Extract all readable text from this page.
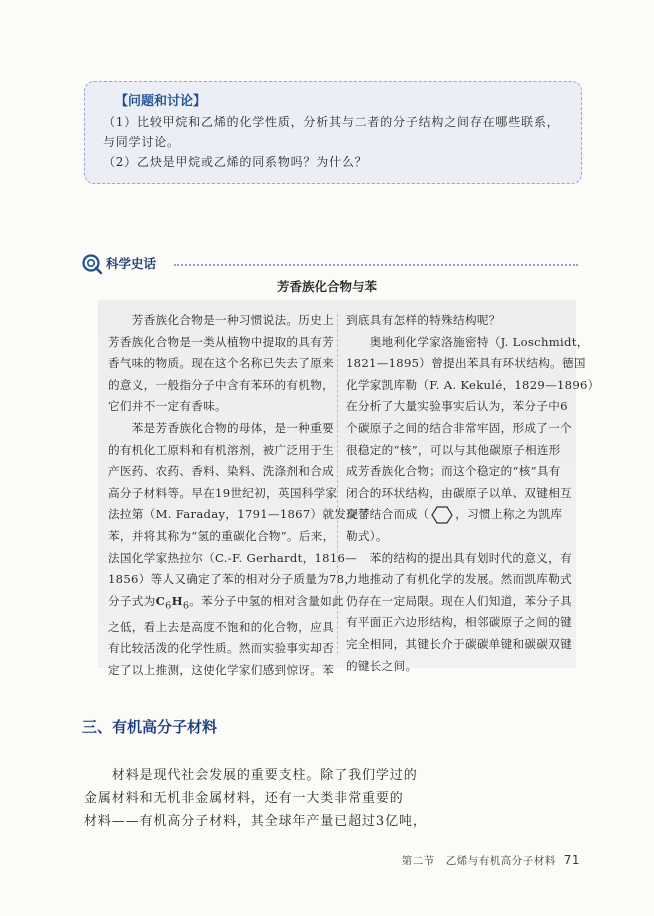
【问题和讨论】
（1）比较甲烷和乙烯的化学性质，分析其与二者的分子结构之间存在哪些联系，
与同学讨论。
（2）乙炔是甲烷或乙烯的同系物吗？为什么？
科学史话
芳香族化合物与苯
　　芳香族化合物是一种习惯说法。历史上
芳香族化合物是一类从植物中提取的具有芳
香气味的物质。现在这个名称已失去了原来
的意义，一般指分子中含有苯环的有机物，
它们并不一定有香味。
　　苯是芳香族化合物的母体，是一种重要
的有机化工原料和有机溶剂，被广泛用于生
产医药、农药、香料、染料、洗涤剂和合成
高分子材料等。早在19世纪初，英国科学家
法拉第（M. Faraday，1791—1867）就发现了
苯，并将其称为“氢的重碳化合物”。后来，
法国化学家热拉尔（C.-F. Gerhardt，1816—
1856）等人又确定了苯的相对分子质量为78，
分子式为$C_6H_6$。苯分子中氢的相对含量如此
之低，看上去是高度不饱和的化合物，应具
有比较活泼的化学性质。然而实验事实却否
定了以上推测，这使化学家们感到惊讶。苯
到底具有怎样的特殊结构呢？
　　奥地利化学家洛施密特（J. Loschmidt，
1821—1895）曾提出苯具有环状结构。德国
化学家凯库勒（F. A. Kekulé，1829—1896）
在分析了大量实验事实后认为，苯分子中6
个碳原子之间的结合非常牢固，形成了一个
很稳定的“核”，可以与其他碳原子相连形
成芳香族化合物；而这个稳定的“核”具有
闭合的环状结构，由碳原子以单、双键相互
交替结合而成（ ，习惯上称之为凯库
勒式）。
　　苯的结构的提出具有划时代的意义，有
力地推动了有机化学的发展。然而凯库勒式
仍存在一定局限。现在人们知道，苯分子具
有平面正六边形结构，相邻碳原子之间的键
完全相同，其键长介于碳碳单键和碳碳双键
的键长之间。
三、有机高分子材料
　　材料是现代社会发展的重要支柱。除了我们学过的
金属材料和无机非金属材料，还有一大类非常重要的
材料——有机高分子材料，其全球年产量已超过3亿吨，
第二节　乙烯与有机高分子材料 71
